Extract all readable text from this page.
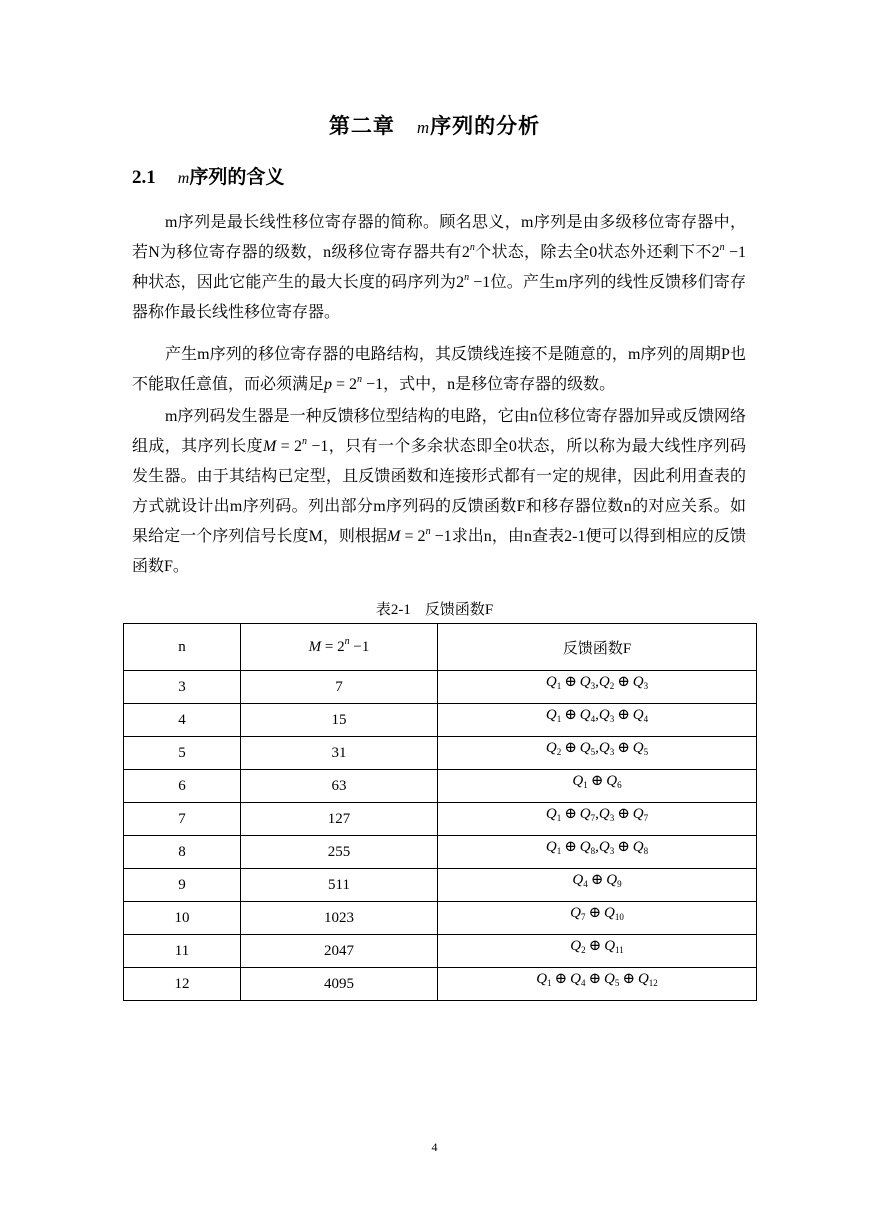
第二章 m序列的分析
2.1 m序列的含义

m序列是最长线性移位寄存器的简称。顾名思义，m序列是由多级移位寄存器中，若N为移位寄存器的级数，n级移位寄存器共有2$^n$个状态，除去全0状态外还剩下不$2^n -1$种状态，因此它能产生的最大长度的码序列为$2^n -1$位。产生m序列的线性反馈移们寄存器称作最长线性移位寄存器。

产生m序列的移位寄存器的电路结构，其反馈线连接不是随意的，m序列的周期P也不能取任意值，而必须满足$p = 2^n -1$，式中，n是移位寄存器的级数。

m序列码发生器是一种反馈移位型结构的电路，它由n位移位寄存器加异或反馈网络组成，其序列长度$M = 2^n -1$，只有一个多余状态即全0状态，所以称为最大线性序列码发生器。由于其结构已定型，且反馈函数和连接形式都有一定的规律，因此利用查表的方式就设计出m序列码。列出部分m序列码的反馈函数F和移存器位数n的对应关系。如果给定一个序列信号长度M，则根据$M = 2^n -1$求出n，由n查表2-1便可以得到相应的反馈函数F。

表2-1 反馈函数F
n	$M = 2^n -1$	反馈函数F
3	7	$Q_1$ ⊕ $Q_3,Q_2$ ⊕ $Q_3$
4	15	$Q_1$ ⊕ $Q_4,Q_3$ ⊕ $Q_4$
5	31	$Q_2$ ⊕ $Q_5,Q_3$ ⊕ $Q_5$
6	63	$Q_1$ ⊕ $Q_6$
7	127	$Q_1$ ⊕ $Q_7,Q_3$ ⊕ $Q_7$
8	255	$Q_1$ ⊕ $Q_8,Q_3$ ⊕ $Q_8$
9	511	$Q_4$ ⊕ $Q_9$
10	1023	$Q_7$ ⊕ $Q_{10}$
11	2047	$Q_2$ ⊕ $Q_{11}$
12	4095	$Q_1$ ⊕ $Q_4$ ⊕ $Q_5$ ⊕ $Q_{12}$
4
